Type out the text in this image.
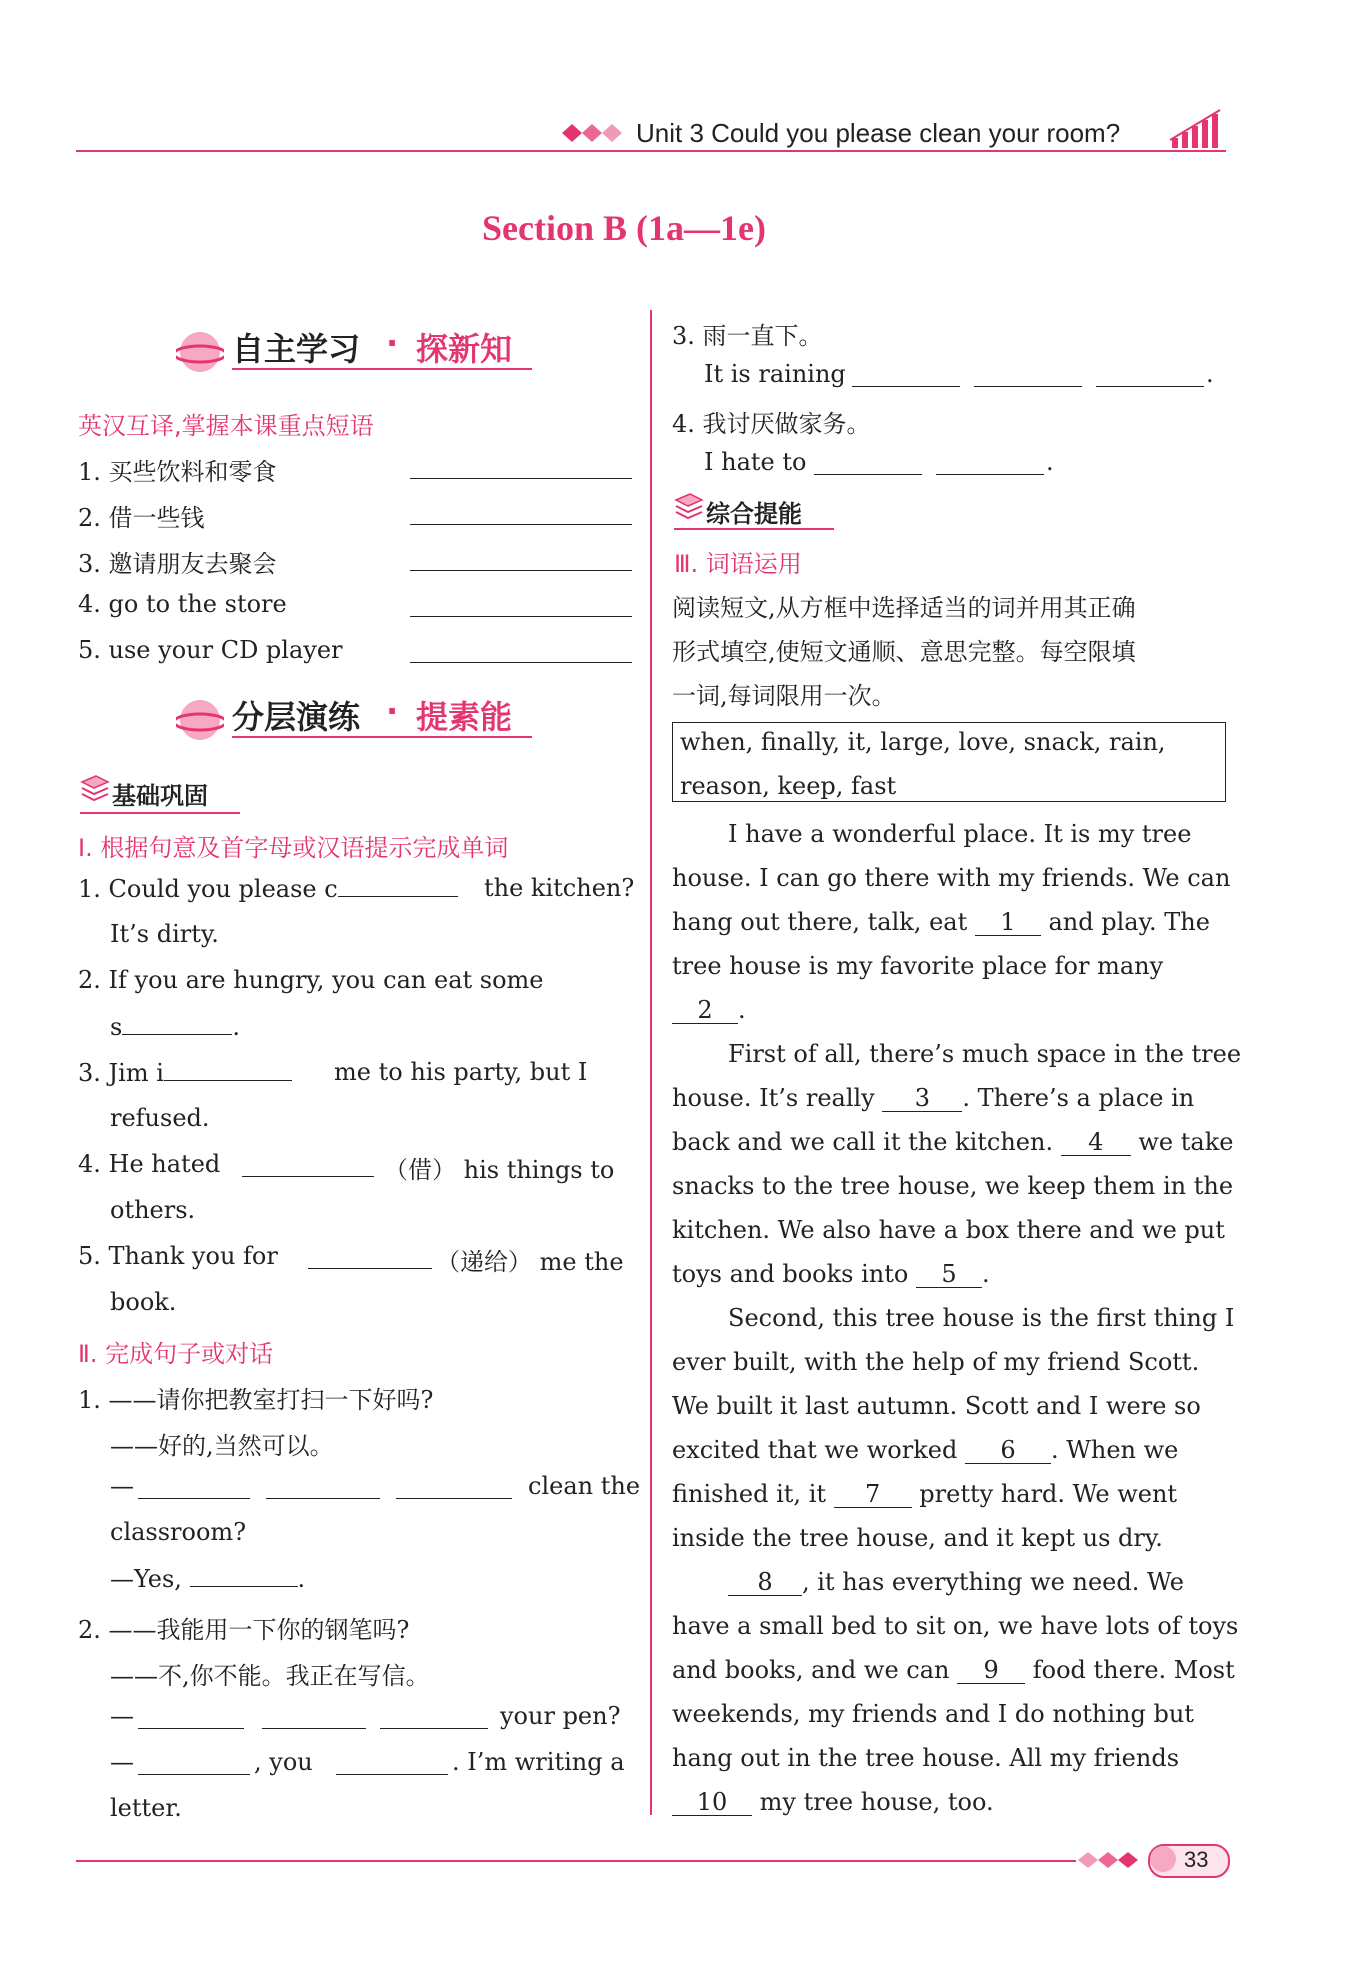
Unit 3 Could you please clean your room?
Section B (1a—1e)
自主学习 · 探新知
英汉互译,掌握本课重点短语
1. 买些饮料和零食
2. 借一些钱
3. 邀请朋友去聚会
4. go to the store
5. use your CD player
分层演练 · 提素能
基础巩固
Ⅰ. 根据句意及首字母或汉语提示完成单词
1. Could you please c	the kitchen?
It’s dirty.
2. If you are hungry, you can eat some
s	.
3. Jim i	me to his party, but I
refused.
4. He hated	（借） his things to
others.
5. Thank you for	（递给） me the
book.
Ⅱ. 完成句子或对话
1. ——请你把教室打扫一下好吗?
——好的,当然可以。
—	clean the
classroom?
—Yes,	.
2. ——我能用一下你的钢笔吗?
——不,你不能。我正在写信。
—	your pen?
—	, you	. I’m writing a
letter.
3. 雨一直下。
It is raining	.
4. 我讨厌做家务。
I hate to	.
综合提能
Ⅲ. 词语运用
阅读短文,从方框中选择适当的词并用其正确
形式填空,使短文通顺、意思完整。每空限填
一词,每词限用一次。
when, finally, it, large, love, snack, rain,
reason, keep, fast
I have a wonderful place. It is my tree
house. I can go there with my friends. We can
hang out there, talk, eat 1 and play. The
tree house is my favorite place for many
2 .
First of all, there’s much space in the tree
house. It’s really 3 . There’s a place in
back and we call it the kitchen. 4 we take
snacks to the tree house, we keep them in the
kitchen. We also have a box there and we put
toys and books into 5 .
Second, this tree house is the first thing I
ever built, with the help of my friend Scott.
We built it last autumn. Scott and I were so
excited that we worked 6 . When we
finished it, it 7 pretty hard. We went
inside the tree house, and it kept us dry.
8 , it has everything we need. We
have a small bed to sit on, we have lots of toys
and books, and we can 9 food there. Most
weekends, my friends and I do nothing but
hang out in the tree house. All my friends
10 my tree house, too.
33
